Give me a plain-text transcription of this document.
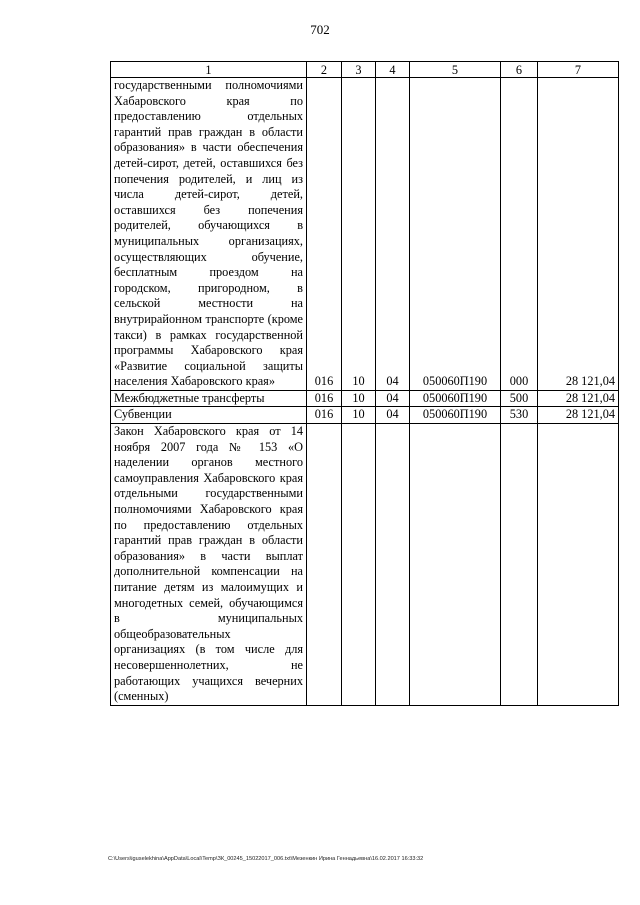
702
1	2	3	4	5	6	7
государственными полномочиями Хабаровского края по предоставлению отдельных гарантий прав граждан в области образования» в части обеспечения детей-сирот, детей, оставшихся без попечения родителей, и лиц из числа детей-сирот, детей, оставшихся без попечения родителей, обучающихся в муниципальных организациях, осуществляющих обучение, бесплатным проездом на городском, пригородном, в сельской местности на внутрирайонном транспорте (кроме такси) в рамках государственной программы Хабаровского края «Развитие социальной защиты населения Хабаровского края»	016	10	04	050060П190	000	28 121,04
Межбюджетные трансферты	016	10	04	050060П190	500	28 121,04
Субвенции	016	10	04	050060П190	530	28 121,04
Закон Хабаровского края от 14 ноября 2007 года № 153 «О наделении органов местного самоуправления Хабаровского края отдельными государственными полномочиями Хабаровского края по предоставлению отдельных гарантий прав граждан в области образования» в части выплат дополнительной компенсации на питание детям из малоимущих и многодетных семей, обучающимся в муниципальных общеобразовательных организациях (в том числе для несовершеннолетних, не работающих учащихся вечерних (сменных)						
C:\Users\iguselekhina\AppData\Local\Temp\ЗК_00245_15022017_006.txt\Мезенкин Ирина Геннадьевна\16.02.2017 16:33:32
